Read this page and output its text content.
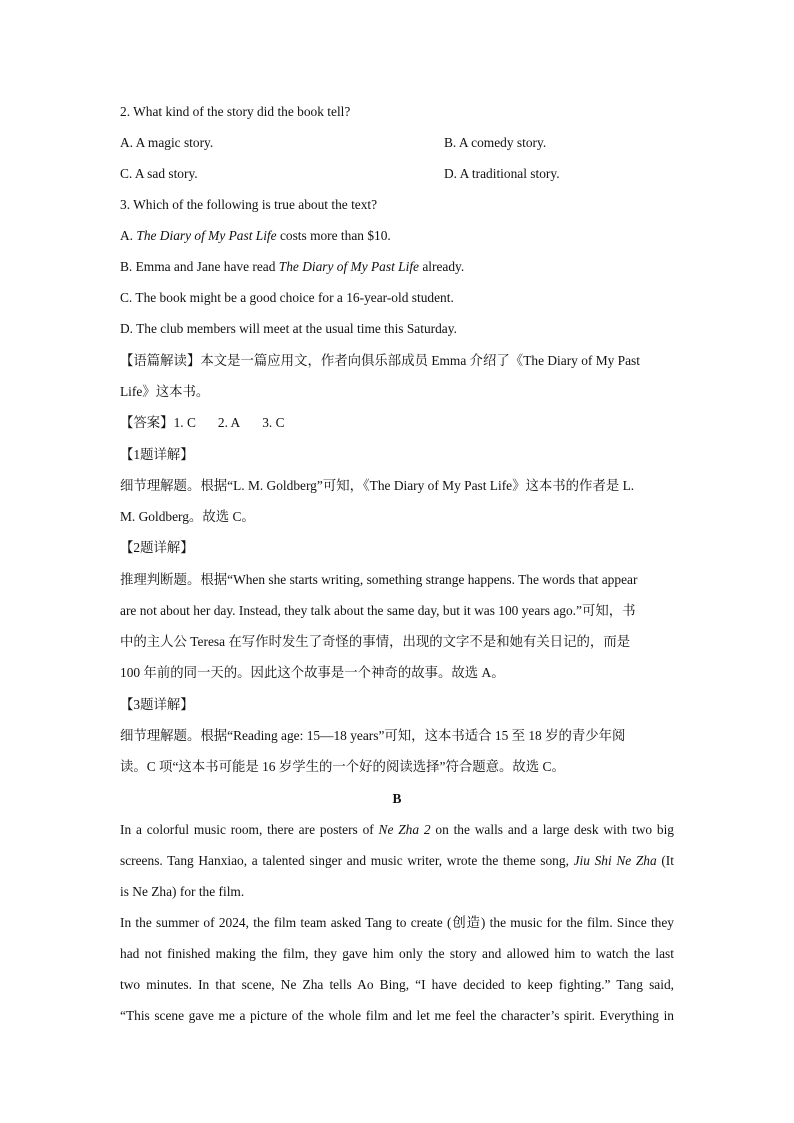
2. What kind of the story did the book tell?
A. A magic story.	B. A comedy story.
C. A sad story.	D. A traditional story.
3. Which of the following is true about the text?
A. The Diary of My Past Life costs more than $10.
B. Emma and Jane have read The Diary of My Past Life already.
C. The book might be a good choice for a 16-year-old student.
D. The club members will meet at the usual time this Saturday.
【语篇解读】本文是一篇应用文，作者向俱乐部成员 Emma 介绍了《The Diary of My Past
Life》这本书。
【答案】1. C 2. A 3. C
【1题详解】
细节理解题。根据“L. M. Goldberg”可知，《The Diary of My Past Life》这本书的作者是 L.
M. Goldberg。故选 C。
【2题详解】
推理判断题。根据“When she starts writing, something strange happens. The words that appear
are not about her day. Instead, they talk about the same day, but it was 100 years ago.”可知，书
中的主人公 Teresa 在写作时发生了奇怪的事情，出现的文字不是和她有关日记的，而是
100 年前的同一天的。因此这个故事是一个神奇的故事。故选 A。
【3题详解】
细节理解题。根据“Reading age: 15—18 years”可知，这本书适合 15 至 18 岁的青少年阅
读。C 项“这本书可能是 16 岁学生的一个好的阅读选择”符合题意。故选 C。
B
In a colorful music room, there are posters of Ne Zha 2 on the walls and a large desk with two big
screens. Tang Hanxiao, a talented singer and music writer, wrote the theme song, Jiu Shi Ne Zha (It
is Ne Zha) for the film.
In the summer of 2024, the film team asked Tang to create (创造) the music for the film. Since they
had not finished making the film, they gave him only the story and allowed him to watch the last
two minutes. In that scene, Ne Zha tells Ao Bing, “I have decided to keep fighting.” Tang said,
“This scene gave me a picture of the whole film and let me feel the character’s spirit. Everything in
